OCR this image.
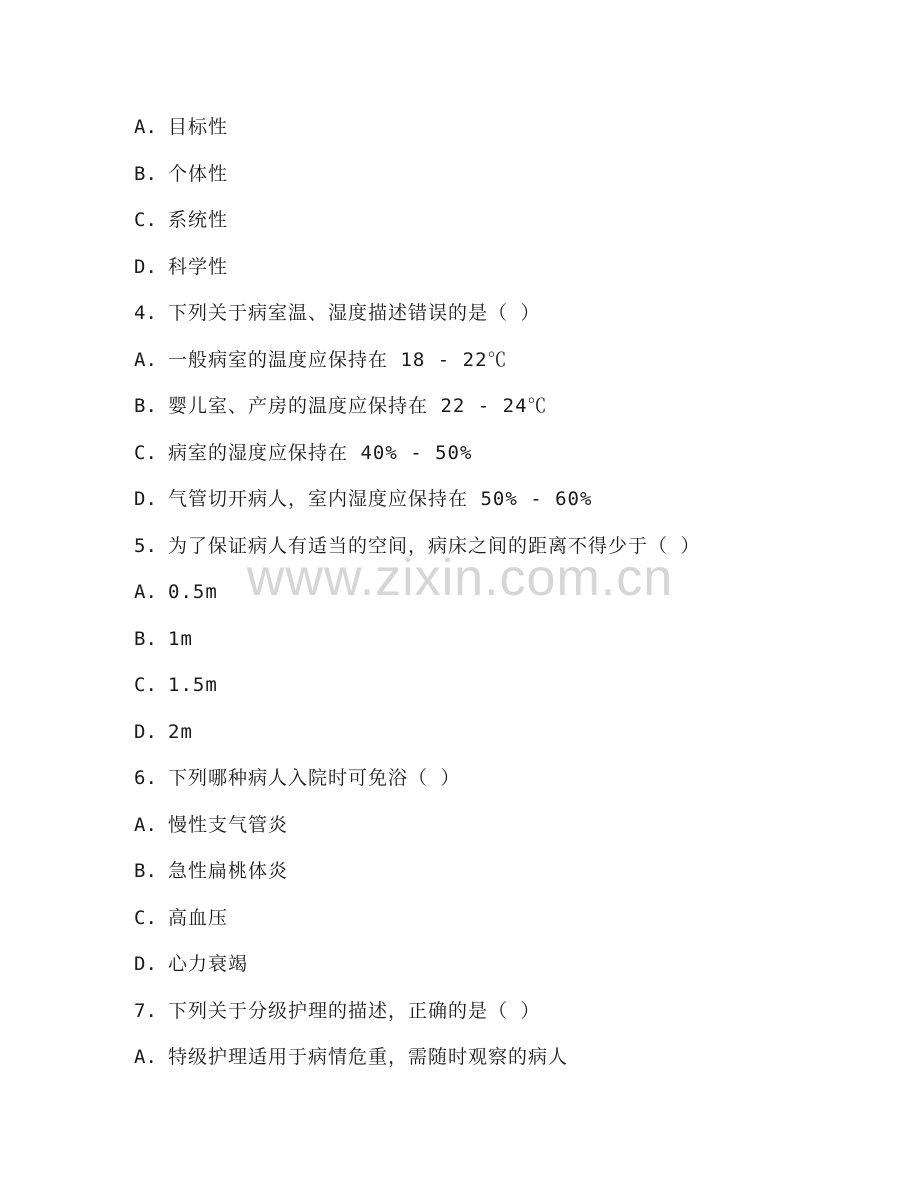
A. 目标性
B. 个体性
C. 系统性
D. 科学性
4. 下列关于病室温、湿度描述错误的是（ ）
A. 一般病室的温度应保持在 18 - 22℃
B. 婴儿室、产房的温度应保持在 22 - 24℃
C. 病室的湿度应保持在 40% - 50%
D. 气管切开病人，室内湿度应保持在 50% - 60%
5. 为了保证病人有适当的空间，病床之间的距离不得少于（ ）
A. 0.5m
B. 1m
C. 1.5m
D. 2m
6. 下列哪种病人入院时可免浴（ ）
A. 慢性支气管炎
B. 急性扁桃体炎
C. 高血压
D. 心力衰竭
7. 下列关于分级护理的描述，正确的是（ ）
A. 特级护理适用于病情危重，需随时观察的病人
www.zixin.com.cn
